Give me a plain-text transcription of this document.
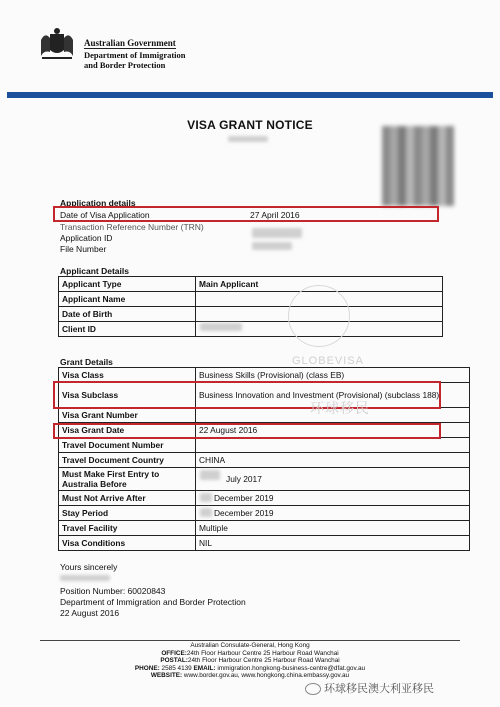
Australian Government
Department of Immigration
and Border Protection
VISA GRANT NOTICE
Application details
Date of Visa Application	27 April 2016
Transaction Reference Number (TRN)
Application ID
File Number
Applicant Details
Applicant Type	Main Applicant
Applicant Name	
Date of Birth	
Client ID	
Grant Details
Visa Class	Business Skills (Provisional) (class EB)
Visa Subclass	Business Innovation and Investment (Provisional) (subclass 188)
Visa Grant Number	
Visa Grant Date	22 August 2016
Travel Document Number	
Travel Document Country	CHINA
Must Make First Entry to Australia Before	July 2017
Must Not Arrive After	December 2019
Stay Period	December 2019
Travel Facility	Multiple
Visa Conditions	NIL
GLOBEVISA
环球移民
Yours sincerely
Position Number: 60020843
Department of Immigration and Border Protection
22 August 2016
Australian Consulate-General, Hong Kong
OFFICE:24th Floor Harbour Centre 25 Harbour Road Wanchai
POSTAL:24th Floor Harbour Centre 25 Harbour Road Wanchai
PHONE: 2585 4139 EMAIL: immigration.hongkong-business-centre@dfat.gov.au
WEBSITE: www.border.gov.au, www.hongkong.china.embassy.gov.au
环球移民澳大利亚移民
